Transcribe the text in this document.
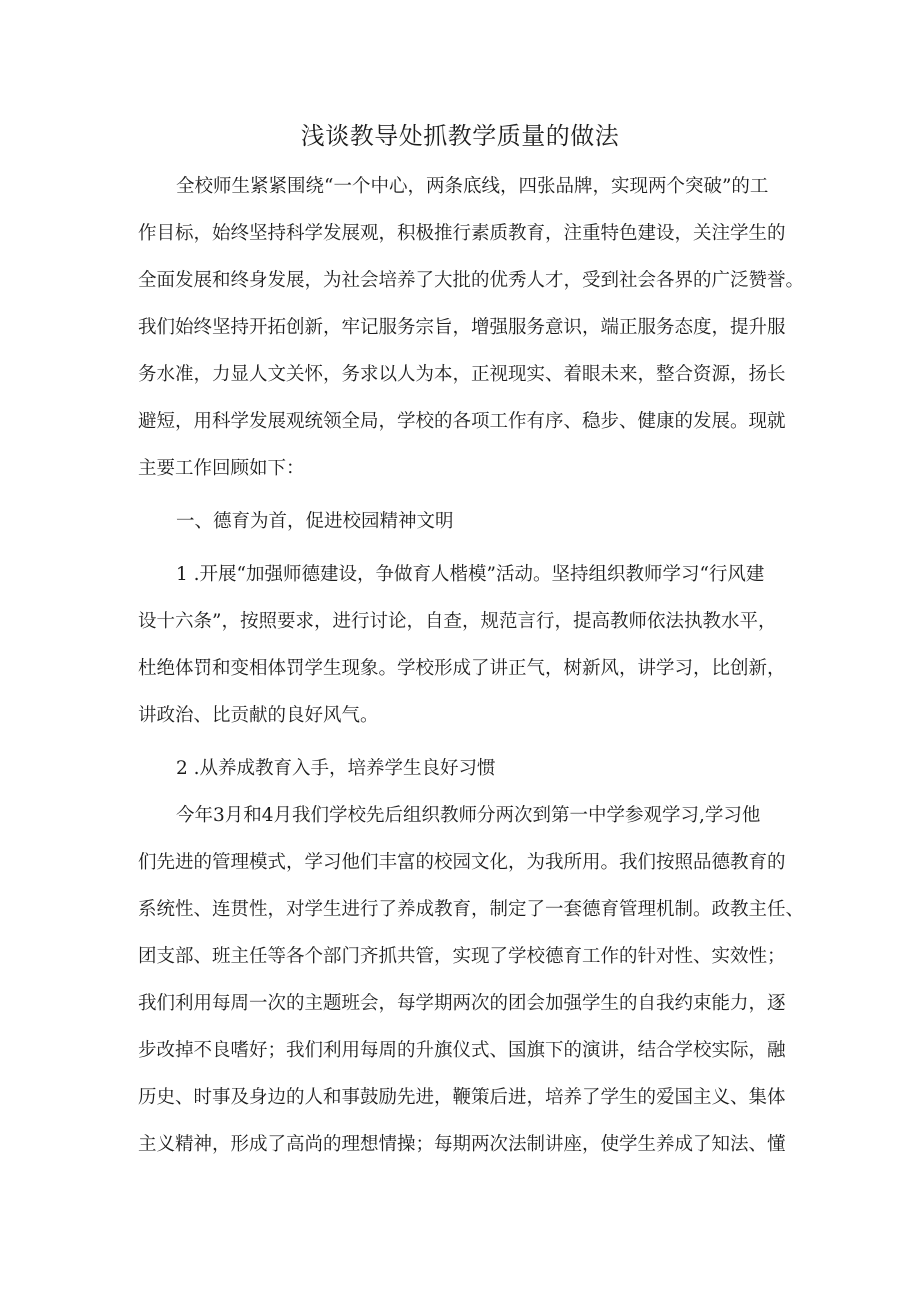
浅谈教导处抓教学质量的做法
全校师生紧紧围绕“一个中心，两条底线，四张品牌，实现两个突破”的工
作目标，始终坚持科学发展观，积极推行素质教育，注重特色建设，关注学生的
全面发展和终身发展，为社会培养了大批的优秀人才，受到社会各界的广泛赞誉。
我们始终坚持开拓创新，牢记服务宗旨，增强服务意识，端正服务态度，提升服
务水准，力显人文关怀，务求以人为本，正视现实、着眼未来，整合资源，扬长
避短，用科学发展观统领全局，学校的各项工作有序、稳步、健康的发展。现就
主要工作回顾如下：
一、德育为首，促进校园精神文明
1 .开展“加强师德建设，争做育人楷模”活动。坚持组织教师学习“行风建
设十六条”，按照要求，进行讨论，自查，规范言行，提高教师依法执教水平，
杜绝体罚和变相体罚学生现象。学校形成了讲正气，树新风，讲学习，比创新，
讲政治、比贡献的良好风气。
2 .从养成教育入手，培养学生良好习惯
今年3月和4月我们学校先后组织教师分两次到第一中学参观学习,学习他
们先进的管理模式，学习他们丰富的校园文化，为我所用。我们按照品德教育的
系统性、连贯性，对学生进行了养成教育，制定了一套德育管理机制。政教主任、
团支部、班主任等各个部门齐抓共管，实现了学校德育工作的针对性、实效性；
我们利用每周一次的主题班会，每学期两次的团会加强学生的自我约束能力，逐
步改掉不良嗜好；我们利用每周的升旗仪式、国旗下的演讲，结合学校实际，融
历史、时事及身边的人和事鼓励先进，鞭策后进，培养了学生的爱国主义、集体
主义精神，形成了高尚的理想情操；每期两次法制讲座，使学生养成了知法、懂
